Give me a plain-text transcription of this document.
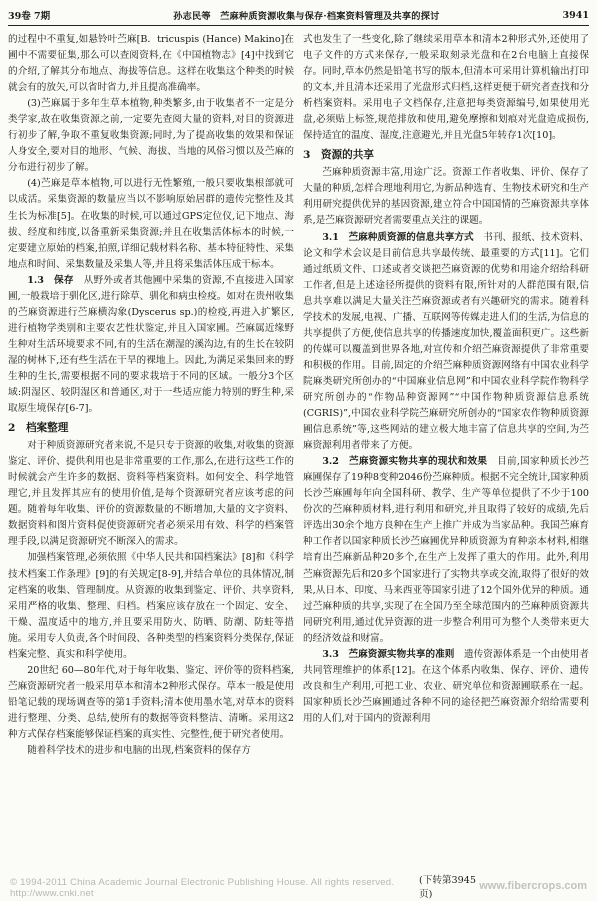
39卷 7期	孙志民等　苎麻种质资源收集与保存·档案资料管理及共享的探讨	3941

的过程中不重复,如悬铃叶苎麻[B．tricuspis (Hance) Makino]在圃中不需要征集,那么可以查阅资料,在《中国植物志》[4]中找到它的介绍,了解其分布地点、海拔等信息。这样在收集这个种类的时候就会有的放矢,可以省时省力,并且提高准确率。

(3)苎麻属于多年生草本植物,种类繁多,由于收集者不一定是分类学家,故在收集资源之前,一定要先查阅大量的资料,对目的资源进行初步了解,争取不重复收集资源;同时,为了提高收集的效果和保证人身安全,要对目的地形、气候、海拔、当地的风俗习惯以及苎麻的分布进行初步了解。

(4)苎麻是草本植物,可以进行无性繁殖,一般只要收集根部就可以成活。采集资源的数量应当以不影响原始居群的遗传完整性及其生长为标准[5]。在收集的时候,可以通过GPS定位仪,记下地点、海拔、经度和纬度,以备重新采集资源;并且在收集活体标本的时候,一定要建立原始的档案,拍照,详细记载材料名称、基本特征特性、采集地点和时间、采集数量及采集人等,并且将采集活体压成干标本。

1.3　保存　从野外或者其他圃中采集的资源,不直接进入国家圃,一般栽培于驯化区,进行除草、驯化和病虫检疫。如对在贵州收集的苎麻资源进行苎麻横沟象(Dyscerus sp.)的检疫,再进入扩繁区,进行植物学类别和主要农艺性状鉴定,并且入国家圃。苎麻属近缘野生种对生活环境要求不同,有的生活在潮湿的溪沟边,有的生长在较阴湿的树林下,还有些生活在干旱的裸地上。因此,为满足采集回来的野生种的生长,需要根据不同的要求栽培于不同的区域。一般分3个区域:阴湿区、较阴湿区和普通区,对于一些适应能力特别的野生种,采取原生境保存[6-7]。

2　档案整理

对于种质资源研究者来说,不是只专于资源的收集,对收集的资源鉴定、评价、提供利用也是非常重要的工作,那么,在进行这些工作的时候就会产生许多的数据、资料等档案资料。如何安全、科学地管理它,并且发挥其应有的使用价值,是每个资源研究者应该考虑的问题。随着每年收集、评价的资源数量的不断增加,大量的文字资料、数据资料和图片资料促使资源研究者必须采用有效、科学的档案管理手段,以满足资源研究不断深入的需求。

加强档案管理,必须依照《中华人民共和国档案法》[8]和《科学技术档案工作条理》[9]的有关规定[8-9],并结合单位的具体情况,制定档案的收集、管理制度。从资源的收集到鉴定、评价、共享资料,采用严格的收集、整理、归档。档案应该存放在一个固定、安全、干燥、温度适中的地方,并且要采用防火、防晒、防潮、防蛀等措施。采用专人负责,各个时间段、各种类型的档案资料分类保存,保证档案完整、真实和科学使用。

20世纪 60—80年代,对于每年收集、鉴定、评价等的资料档案,苎麻资源研究者一般采用草本和清本2种形式保存。草本一般是使用铅笔记载的现场调查等的第1手资料;清本使用墨水笔,对草本的资料进行整理、分类、总结,使所有的数据等资料整洁、清晰。采用这2种方式保存档案能够保证档案的真实性、完整性,便于研究者使用。

随着科学技术的进步和电脑的出现,档案资料的保存方

式也发生了一些变化,除了继续采用草本和清本2种形式外,还使用了电子文件的方式来保存,一般采取刻录光盘和在2台电脑上直接保存。同时,草本仍然是铅笔书写的版本,但清本可采用计算机输出打印的文本,并且清本还采用了光盘形式归档,这样更便于研究者查找和分析档案资料。采用电子文档保存,注意把每类资源编号,如果使用光盘,必须贴上标签,规范排放和使用,避免摩擦和划痕对光盘造成损伤,保持适宜的温度、湿度,注意避光,并且光盘5年转存1次[10]。

3　资源的共享

苎麻种质资源丰富,用途广泛。资源工作者收集、评价、保存了大量的种质,怎样合理地利用它,为新品种选育、生物技术研究和生产利用研究提供优异的基因资源,建立符合中国国情的苎麻资源共享体系,是苎麻资源研究者需要重点关注的课题。

3.1　苎麻种质资源的信息共享方式　书刊、报纸、技术资料、论文和学术会议是目前信息共享最传统、最重要的方式[11]。它们通过纸质文件、口述或者交谈把苎麻资源的优势和用途介绍给科研工作者,但是上述途径所提供的资料有限,所针对的人群范围有限,信息共享难以满足大量关注苎麻资源或者有兴趣研究的需求。随着科学技术的发展,电视、广播、互联网等传媒走进人们的生活,为信息的共享提供了方便,使信息共享的传播速度加快,覆盖面积更广。这些新的传媒可以覆盖到世界各地,对宣传和介绍苎麻资源提供了非常重要和积极的作用。目前,固定的介绍苎麻种质资源网络有中国农业科学院麻类研究所创办的“中国麻业信息网”和中国农业科学院作物科学研究所创办的“作物品种资源网”“中国作物种质资源信息系统(CGRIS)”,中国农业科学院苎麻研究所创办的“国家农作物种质资源圃信息系统”等,这些网站的建立极大地丰富了信息共享的空间,为苎麻资源利用者带来了方便。

3.2　苎麻资源实物共享的现状和效果　目前,国家种质长沙苎麻圃保存了19种8变种2046份苎麻种质。根据不完全统计,国家种质长沙苎麻圃每年向全国科研、教学、生产等单位提供了不少于100份次的苎麻种质材料,进行利用和研究,并且取得了较好的成绩,先后评选出30余个地方良种在生产上推广并成为当家品种。我国苎麻育种工作者以国家种质长沙苎麻圃优异种质资源为育种亲本材料,相继培育出苎麻新品种20多个,在生产上发挥了重大的作用。此外,利用苎麻资源先后和20多个国家进行了实物共享或交流,取得了很好的效果,从日本、印度、马来西亚等国家引进了12个国外优异的种质。通过苎麻种质的共享,实现了在全国乃至全球范围内的苎麻种质资源共同研究利用,通过优异资源的进一步整合利用可为整个人类带来更大的经济效益和财富。

3.3　苎麻资源实物共享的准则　遗传资源体系是一个由使用者共同管理维护的体系[12]。在这个体系内收集、保存、评价、遗传改良和生产利用,可把工业、农业、研究单位和资源圃联系在一起。国家种质长沙苎麻圃通过各种不同的途径把苎麻资源介绍给需要利用的人们,对于国内的资源利用

© 1994-2011 China Academic Journal Electronic Publishing House. All rights reserved.　http://www.cnki.net
(下转第3945页)
www.fibercrops.com
